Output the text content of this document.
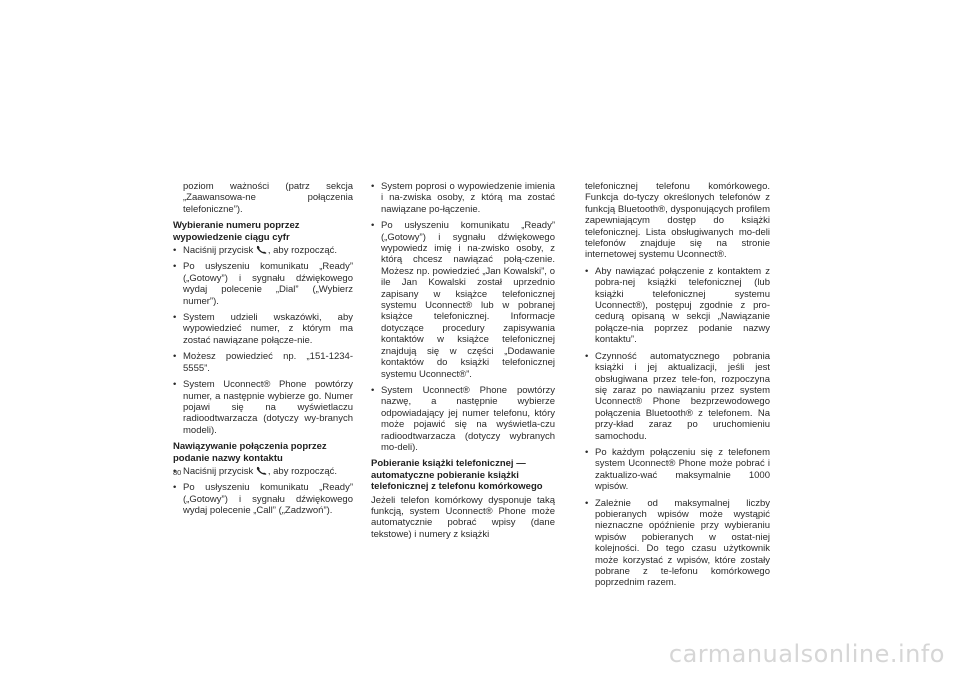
poziom ważności (patrz sekcja „Zaawansowa-ne połączenia telefoniczne”).

Wybieranie numeru poprzez wypowiedzenie ciągu cyfr

• Naciśnij przycisk , aby rozpocząć.
• Po usłyszeniu komunikatu „Ready” („Gotowy”) i sygnału dźwiękowego wydaj polecenie „Dial” („Wybierz numer”).
• System udzieli wskazówki, aby wypowiedzieć numer, z którym ma zostać nawiązane połącze-nie.
• Możesz powiedzieć np. „151-1234-5555”.
• System Uconnect® Phone powtórzy numer, a następnie wybierze go. Numer pojawi się na wyświetlaczu radioodtwarzacza (dotyczy wy-branych modeli).

Nawiązywanie połączenia poprzez podanie nazwy kontaktu

• Naciśnij przycisk , aby rozpocząć.
• Po usłyszeniu komunikatu „Ready” („Gotowy”) i sygnału dźwiękowego wydaj polecenie „Call” („Zadzwoń”).
• System poprosi o wypowiedzenie imienia i na-zwiska osoby, z którą ma zostać nawiązane po-łączenie.
• Po usłyszeniu komunikatu „Ready” („Gotowy”) i sygnału dźwiękowego wypowiedz imię i na-zwisko osoby, z którą chcesz nawiązać połą-czenie. Możesz np. powiedzieć „Jan Kowalski”, o ile Jan Kowalski został uprzednio zapisany w książce telefonicznej systemu Uconnect® lub w pobranej książce telefonicznej. Informacje dotyczące procedury zapisywania kontaktów w książce telefonicznej znajdują się w części „Dodawanie kontaktów do książki telefonicznej systemu Uconnect®”.
• System Uconnect® Phone powtórzy nazwę, a następnie wybierze odpowiadający jej numer telefonu, który może pojawić się na wyświetla-czu radioodtwarzacza (dotyczy wybranych mo-deli).

Pobieranie książki telefonicznej — automatyczne pobieranie książki telefonicznej z telefonu komórkowego

Jeżeli telefon komórkowy dysponuje taką funkcją, system Uconnect® Phone może automatycznie pobrać wpisy (dane tekstowe) i numery z książki

telefonicznej telefonu komórkowego. Funkcja do-tyczy określonych telefonów z funkcją Bluetooth®, dysponujących profilem zapewniającym dostęp do książki telefonicznej. Lista obsługiwanych mo-deli telefonów znajduje się na stronie internetowej systemu Uconnect®.

• Aby nawiązać połączenie z kontaktem z pobra-nej książki telefonicznej (lub książki telefonicznej systemu Uconnect®), postępuj zgodnie z pro-cedurą opisaną w sekcji „Nawiązanie połącze-nia poprzez podanie nazwy kontaktu”.
• Czynność automatycznego pobrania książki i jej aktualizacji, jeśli jest obsługiwana przez tele-fon, rozpoczyna się zaraz po nawiązaniu przez system Uconnect® Phone bezprzewodowego połączenia Bluetooth® z telefonem. Na przy-kład zaraz po uruchomieniu samochodu.
• Po każdym połączeniu się z telefonem system Uconnect® Phone może pobrać i zaktualizo-wać maksymalnie 1000 wpisów.
• Zależnie od maksymalnej liczby pobieranych wpisów może wystąpić nieznaczne opóźnienie przy wybieraniu wpisów pobieranych w ostat-niej kolejności. Do tego czasu użytkownik może korzystać z wpisów, które zostały pobrane z te-lefonu komórkowego poprzednim razem.
80
carmanualsonline.info
